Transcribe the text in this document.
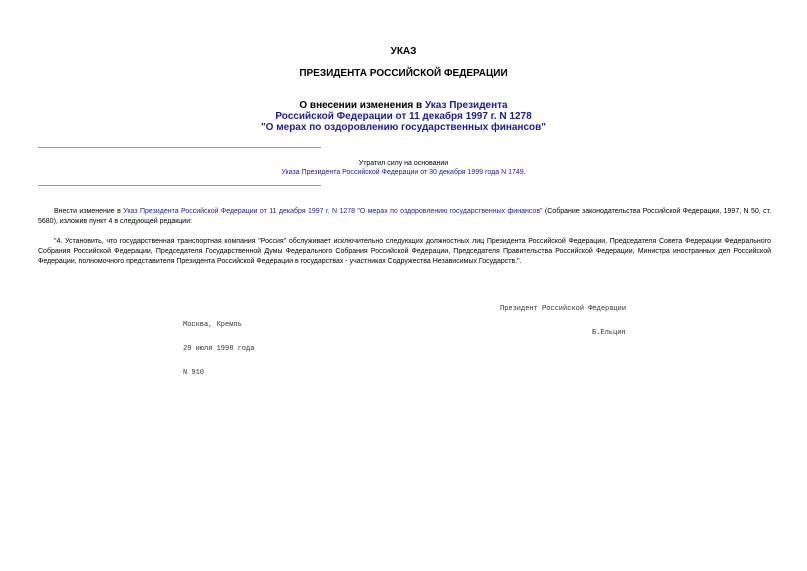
УКАЗ
ПРЕЗИДЕНТА РОССИЙСКОЙ ФЕДЕРАЦИИ
О внесении изменения в Указ Президента
Российской Федерации от 11 декабря 1997 г. N 1278
"О мерах по оздоровлению государственных финансов"
Утратил силу на основании
Указа Президента Российской Федерации от 30 декабря 1999 года N 1749.
Внести изменение в Указ Президента Российской Федерации от 11 декабря 1997 г. N 1278 "О мерах по оздоровлению государственных финансов" (Собрание законодательства Российской Федерации, 1997, N 50, ст. 5680), изложив пункт 4 в следующей редакции:
"4. Установить, что государственная транспортная компания "Россия" обслуживает исключительно следующих должностных лиц Президента Российской Федерации, Председателя Совета Федерации Федерального Собрания Российской Федерации, Председателя Государственной Думы Федерального Собрания Российской Федерации, Председателя Правительства Российской Федерации, Министра иностранных дел Российской Федерации, полномочного представителя Президента Российской Федерации в государствах - участниках Содружества Независимых Государств.".

Президент Российской Федерации

Б.Ельцин

Москва, Кремль

29 июля 1998 года

N 910
